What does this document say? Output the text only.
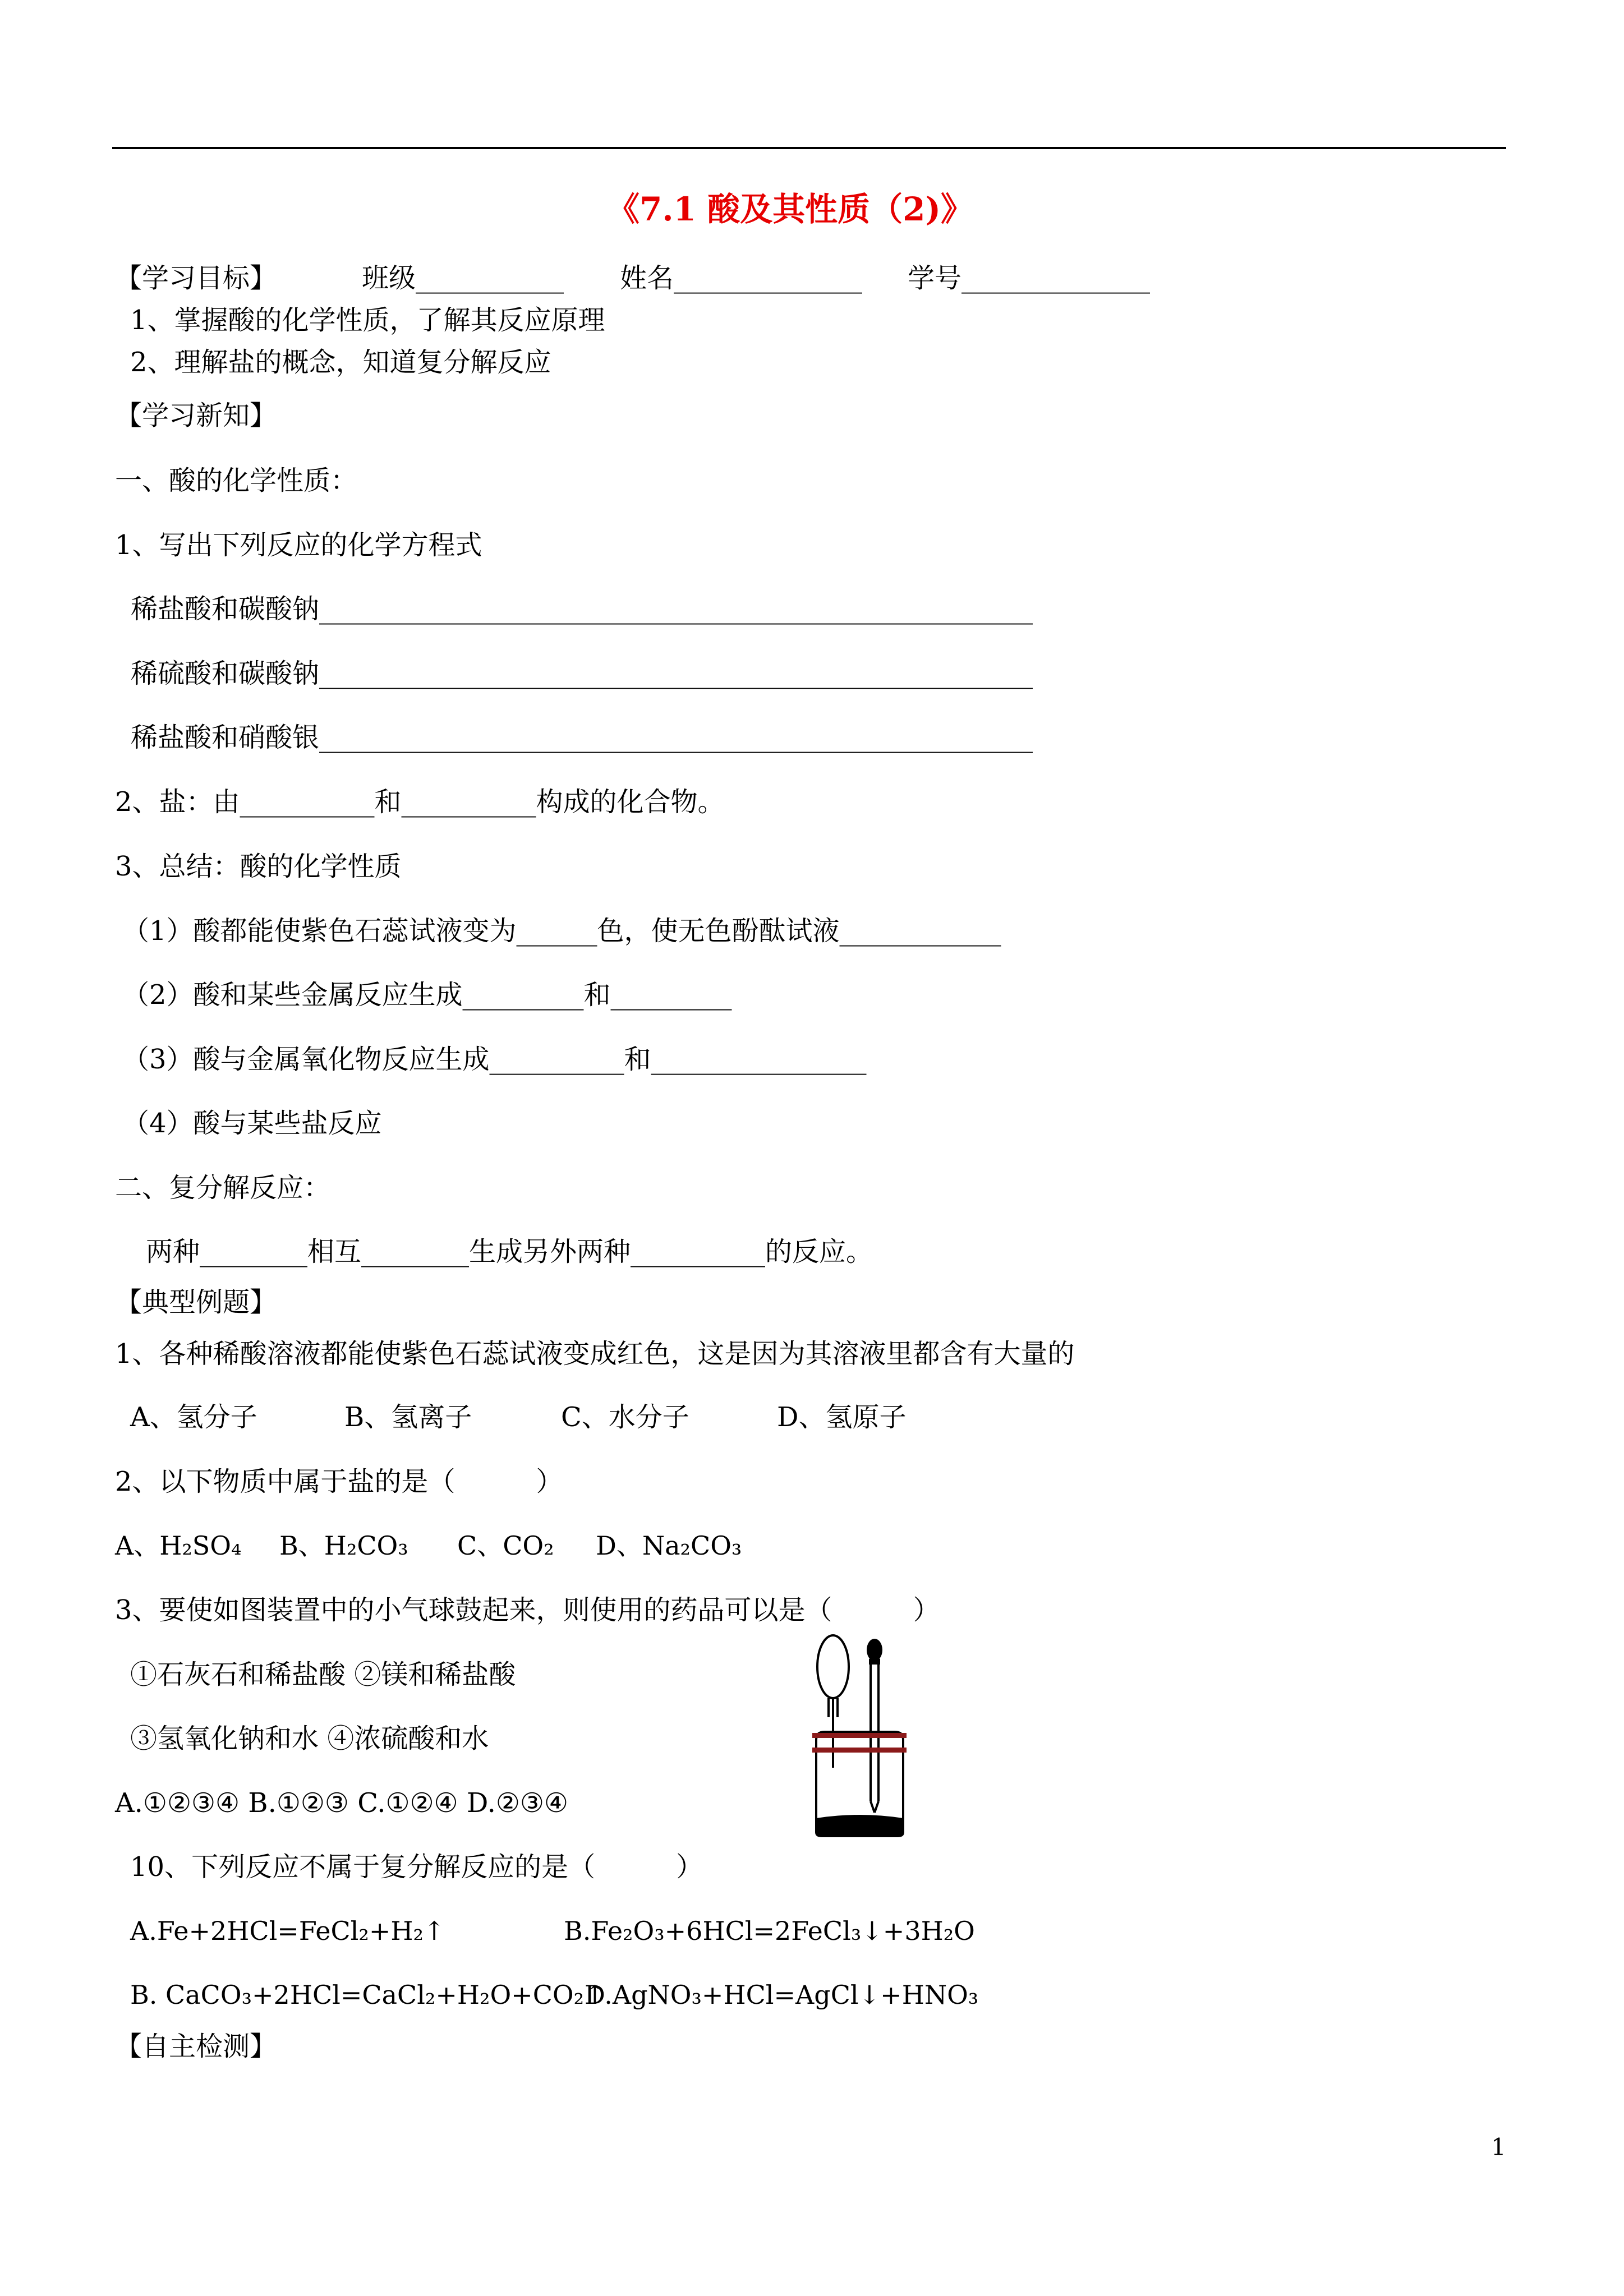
《7.1 酸及其性质（2)》
【学习目标】	班级___________ 姓名______________ 学号______________
1、掌握酸的化学性质，了解其反应原理
2、理解盐的概念，知道复分解反应
【学习新知】
一、酸的化学性质：
1、写出下列反应的化学方程式
稀盐酸和碳酸钠_____________________________________________________
稀硫酸和碳酸钠_____________________________________________________
稀盐酸和硝酸银_____________________________________________________
2、盐：由__________和__________构成的化合物。
3、总结：酸的化学性质
（1）酸都能使紫色石蕊试液变为______色，使无色酚酞试液____________
（2）酸和某些金属反应生成_________和_________
（3）酸与金属氧化物反应生成__________和________________
（4）酸与某些盐反应
二、复分解反应：
两种________相互________生成另外两种__________的反应。
【典型例题】
1、各种稀酸溶液都能使紫色石蕊试液变成红色，这是因为其溶液里都含有大量的
A、氢分子	B、氢离子	C、水分子	D、氢原子
2、以下物质中属于盐的是（　　　）
A、H₂SO₄ B、H₂CO₃ C、CO₂ D、Na₂CO₃
3、要使如图装置中的小气球鼓起来，则使用的药品可以是（　　　）
①石灰石和稀盐酸 ②镁和稀盐酸
③氢氧化钠和水 ④浓硫酸和水
A.①②③④ B.①②③ C.①②④ D.②③④
10、下列反应不属于复分解反应的是（　　　）
A.Fe+2HCl=FeCl₂+H₂↑	B.Fe₂O₃+6HCl=2FeCl₃↓+3H₂O
B. CaCO₃+2HCl=CaCl₂+H₂O+CO₂↑
D.AgNO₃+HCl=AgCl↓+HNO₃
【自主检测】
1
